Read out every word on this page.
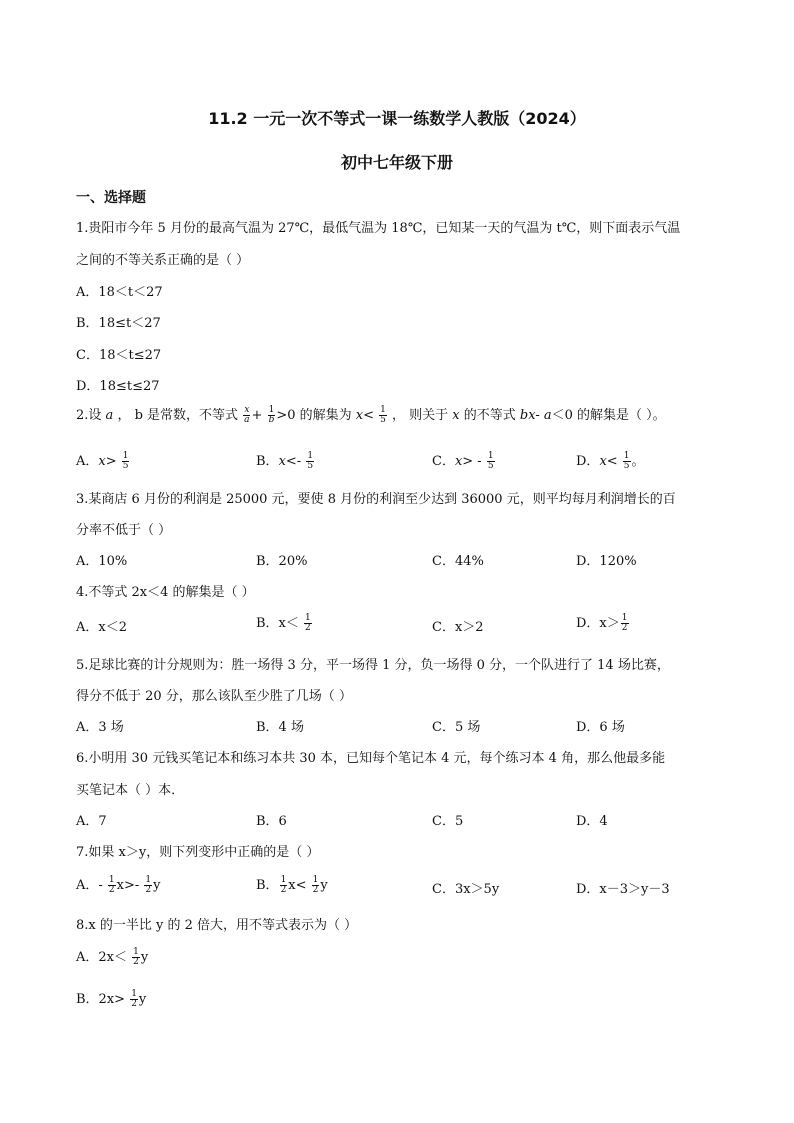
11.2 一元一次不等式一课一练数学人教版（2024）
初中七年级下册
一、选择题
1.贵阳市今年 5 月份的最高气温为 27℃，最低气温为 18℃，已知某一天的气温为 t℃，则下面表示气温
之间的不等关系正确的是（ ）
A．18＜t＜27
B．18≤t＜27
C．18＜t≤27
D．18≤t≤27
2.设 a ， b 是常数，不等式 $\frac{x}{a} + \frac{1}{b} >0$ 的解集为 $x< \frac{1}{5}$ ， 则关于 x 的不等式 bx- a＜0 的解集是（ ）。
A．$x> \frac{1}{5}$	B．$x<- \frac{1}{5}$	C．$x> - \frac{1}{5}$	D．$x< \frac{1}{5}$ 。
3.某商店 6 月份的利润是 25000 元，要使 8 月份的利润至少达到 36000 元，则平均每月利润增长的百
分率不低于（ ）
A．10%	B．20%	C．44%	D．120%
4.不等式 2x＜4 的解集是（ ）
A．x＜2	B．$x< \frac{1}{2}$	C．x＞2	D．$x> \frac{1}{2}$
5.足球比赛的计分规则为：胜一场得 3 分，平一场得 1 分，负一场得 0 分，一个队进行了 14 场比赛，
得分不低于 20 分，那么该队至少胜了几场（ ）
A．3 场	B．4 场	C．5 场	D．6 场
6.小明用 30 元钱买笔记本和练习本共 30 本，已知每个笔记本 4 元，每个练习本 4 角，那么他最多能
买笔记本（ ）本．
A．7	B．6	C．5	D．4
7.如果 x＞y，则下列变形中正确的是（ ）
A．- $\frac{1}{2} x>- \frac{1}{2}$ y	B． $\frac{1}{2} x< \frac{1}{2}$ y	C．3x＞5y	D．x－3＞y－3
8.x 的一半比 y 的 2 倍大，用不等式表示为（ ）
A．$2x< \frac{1}{2}$ y
B．$2x> \frac{1}{2}$ y
